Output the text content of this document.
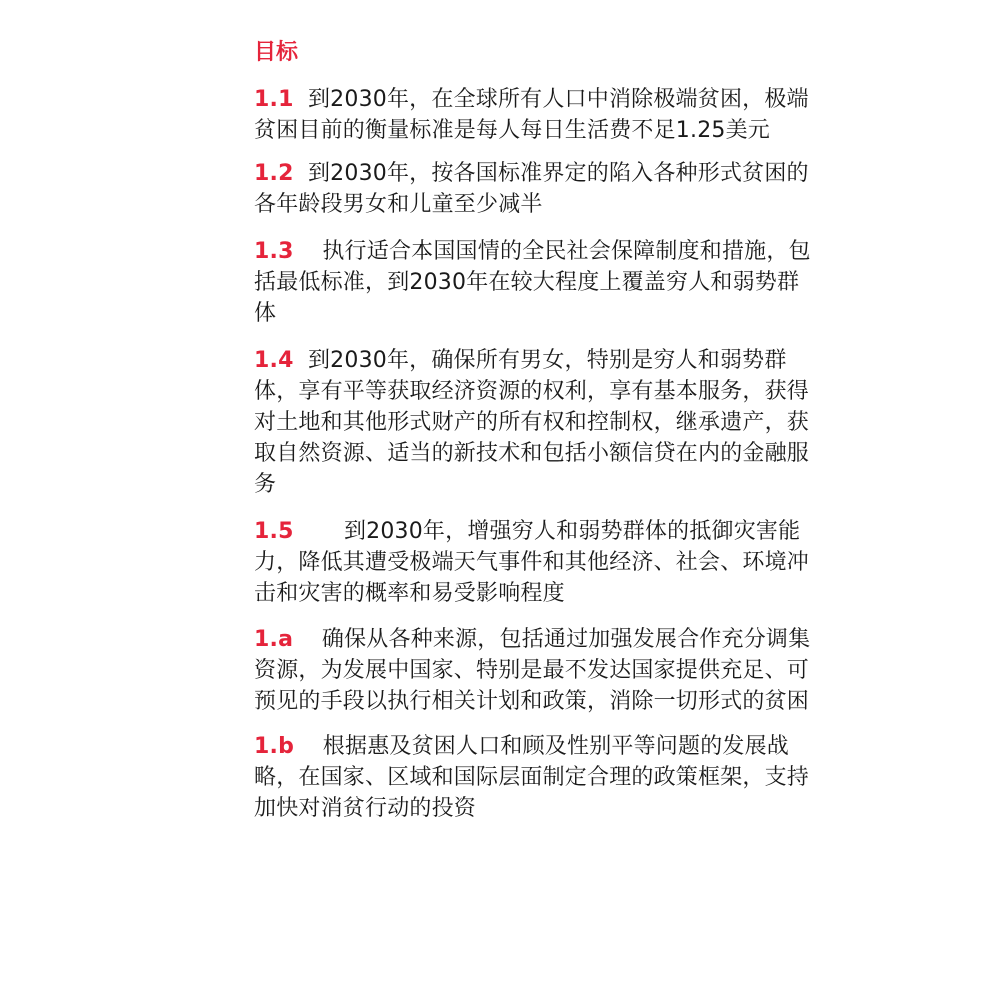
目标

1.1 到2030年，在全球所有人口中消除极端贫困，极端贫困目前的衡量标准是每人每日生活费不足1.25美元

1.2 到2030年，按各国标准界定的陷入各种形式贫困的各年龄段男女和儿童至少减半

1.3 执行适合本国国情的全民社会保障制度和措施，包括最低标准，到2030年在较大程度上覆盖穷人和弱势群体

1.4 到2030年，确保所有男女，特别是穷人和弱势群体，享有平等获取经济资源的权利，享有基本服务，获得对土地和其他形式财产的所有权和控制权，继承遗产，获取自然资源、适当的新技术和包括小额信贷在内的金融服务

1.5 到2030年，增强穷人和弱势群体的抵御灾害能力，降低其遭受极端天气事件和其他经济、社会、环境冲击和灾害的概率和易受影响程度

1.a 确保从各种来源，包括通过加强发展合作充分调集资源，为发展中国家、特别是最不发达国家提供充足、可预见的手段以执行相关计划和政策，消除一切形式的贫困

1.b 根据惠及贫困人口和顾及性别平等问题的发展战略，在国家、区域和国际层面制定合理的政策框架，支持加快对消贫行动的投资
